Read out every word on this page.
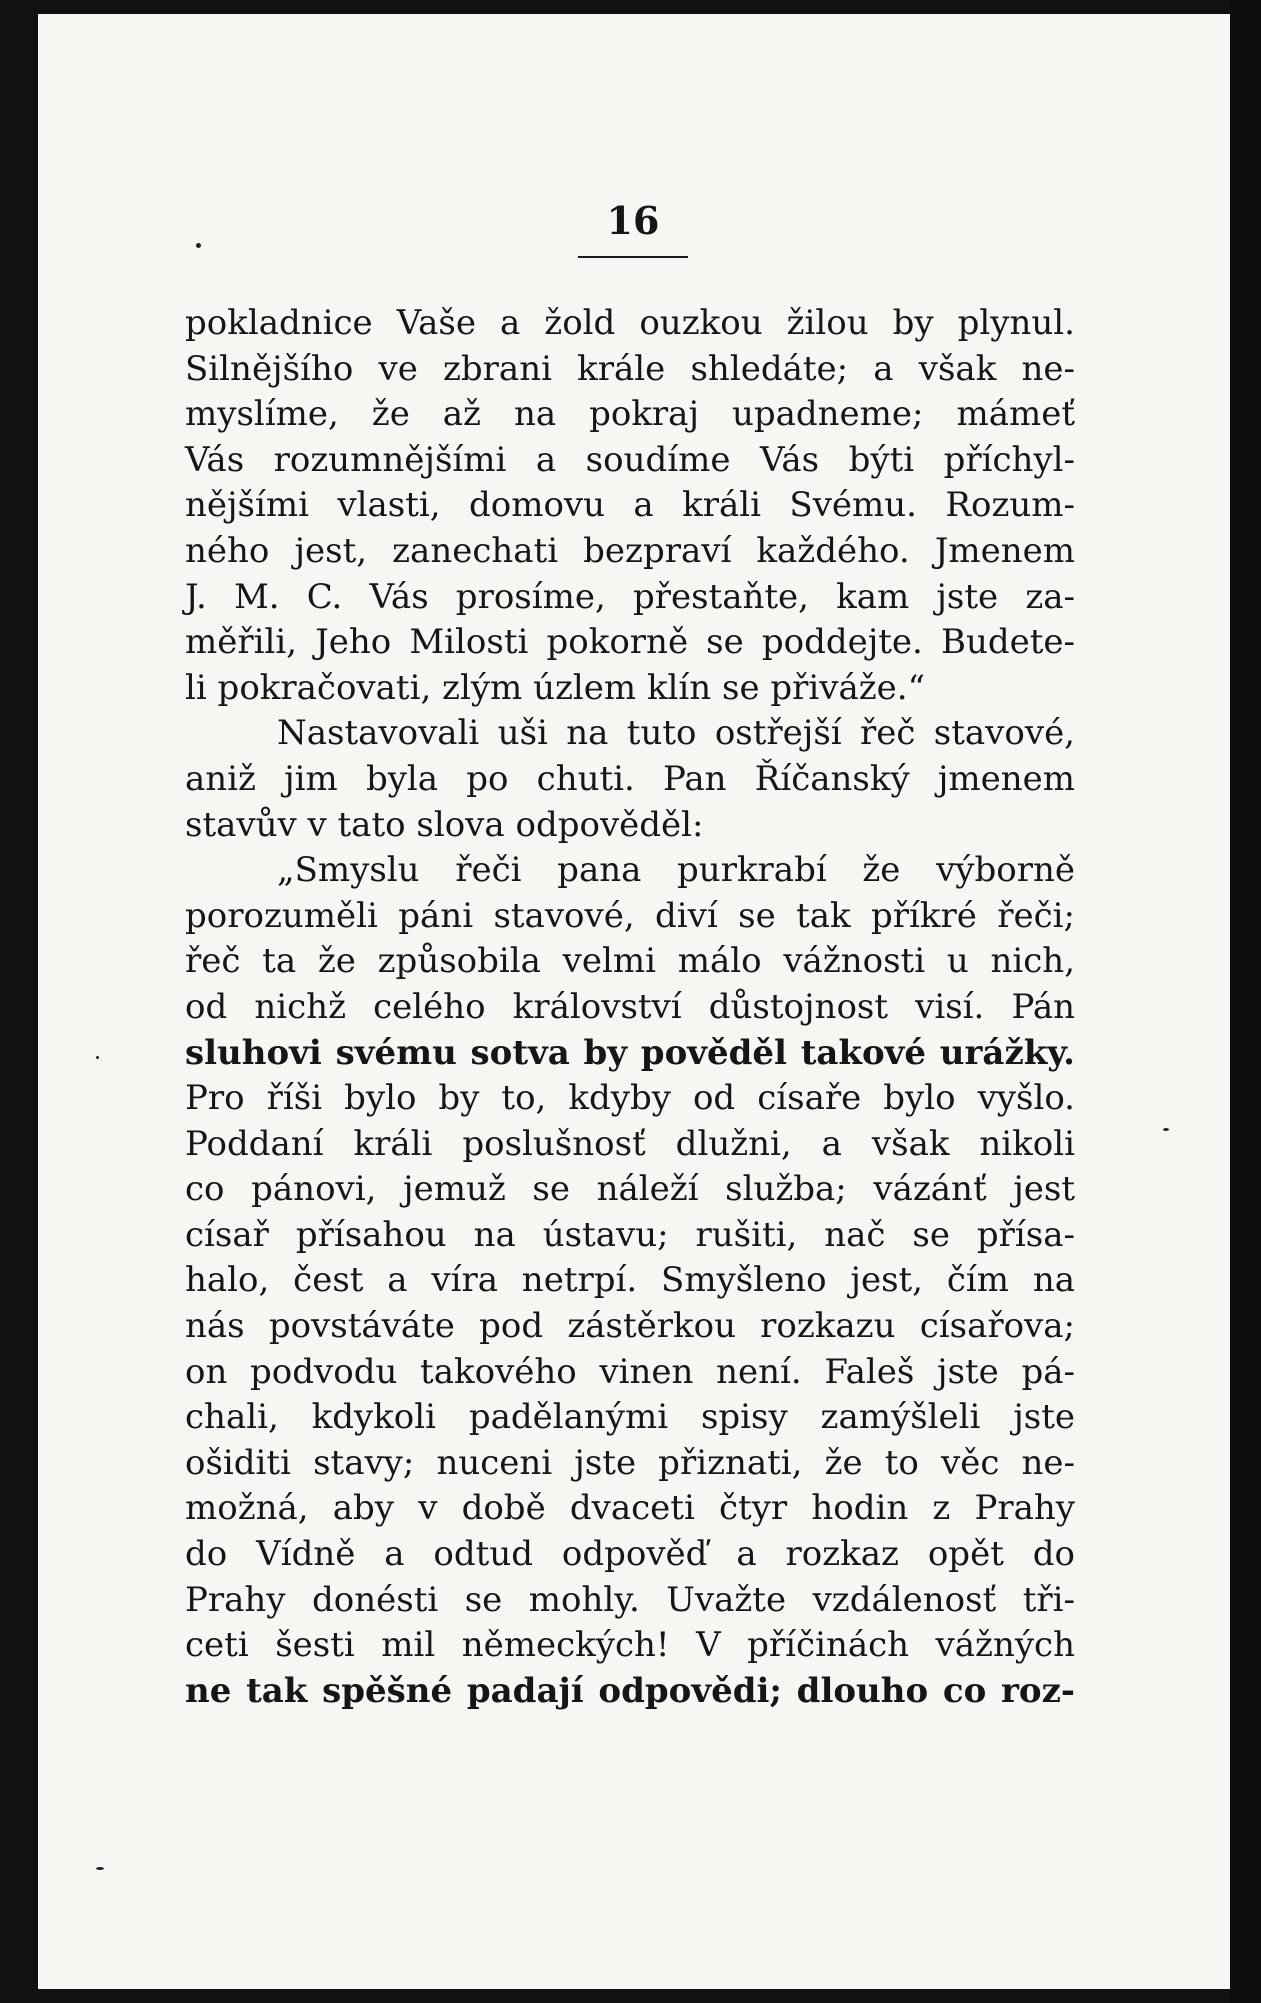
16
pokladnice Vaše a žold ouzkou žilou by plynul.
Silnějšího ve zbrani krále shledáte; a však ne-
myslíme, že až na pokraj upadneme; mámeť
Vás rozumnějšími a soudíme Vás býti příchyl-
nějšími vlasti, domovu a králi Svému. Rozum-
ného jest, zanechati bezpraví každého. Jmenem
J. M. C. Vás prosíme, přestaňte, kam jste za-
měřili, Jeho Milosti pokorně se poddejte. Budete-
li pokračovati, zlým úzlem klín se přiváže.“
Nastavovali uši na tuto ostřejší řeč stavové,
aniž jim byla po chuti. Pan Říčanský jmenem
stavův v tato slova odpověděl:
„Smyslu řeči pana purkrabí že výborně
porozuměli páni stavové, diví se tak příkré řeči;
řeč ta že způsobila velmi málo vážnosti u nich,
od nichž celého království důstojnost visí. Pán
sluhovi svému sotva by pověděl takové urážky.
Pro říši bylo by to, kdyby od císaře bylo vyšlo.
Poddaní králi poslušnosť dlužni, a však nikoli
co pánovi, jemuž se náleží služba; vázánť jest
císař přísahou na ústavu; rušiti, nač se přísa-
halo, čest a víra netrpí. Smyšleno jest, čím na
nás povstáváte pod zástěrkou rozkazu císařova;
on podvodu takového vinen není. Faleš jste pá-
chali, kdykoli padělanými spisy zamýšleli jste
ošiditi stavy; nuceni jste přiznati, že to věc ne-
možná, aby v době dvaceti čtyr hodin z Prahy
do Vídně a odtud odpověď a rozkaz opět do
Prahy donésti se mohly. Uvažte vzdálenosť tři-
ceti šesti mil německých! V příčinách vážných
ne tak spěšné padají odpovědi; dlouho co roz-
